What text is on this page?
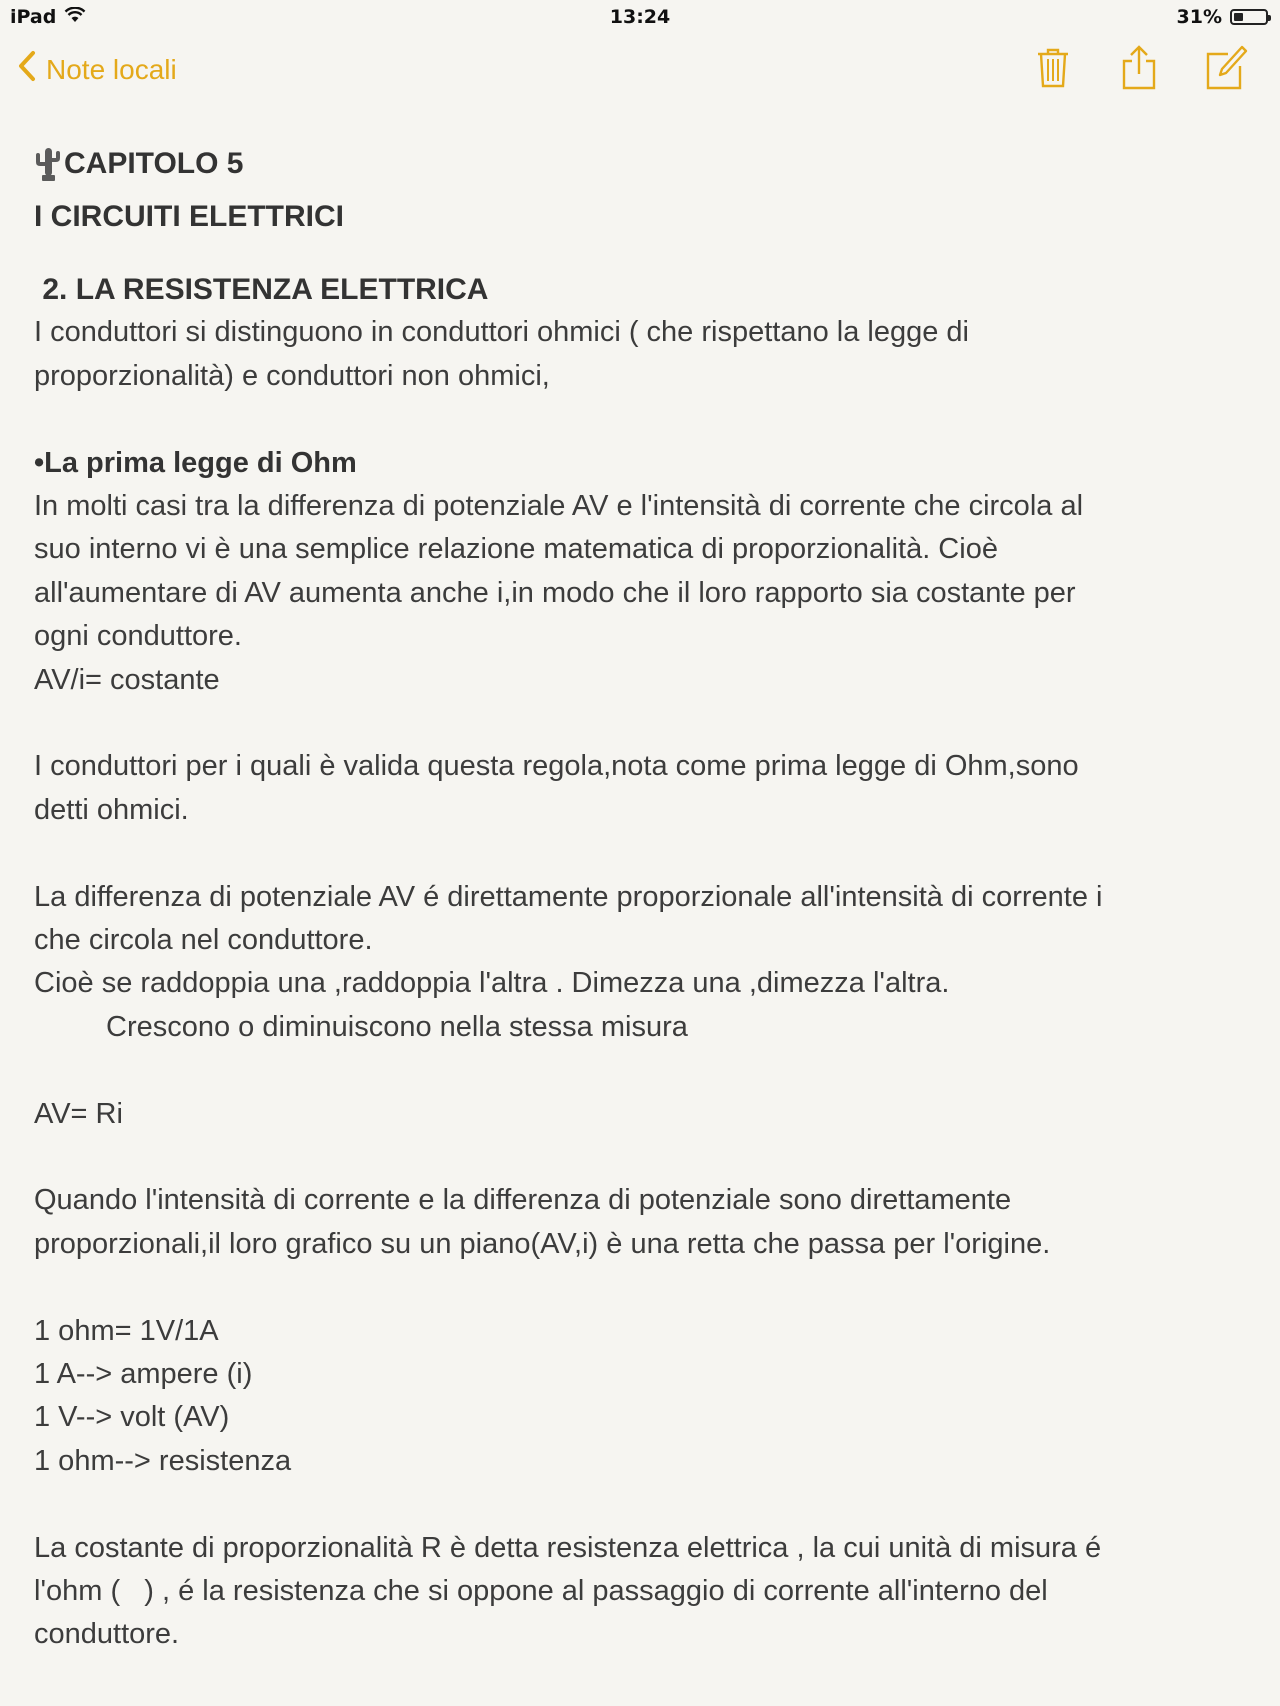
iPad	13:24	31%
Note locali
CAPITOLO 5
I CIRCUITI ELETTRICI
2. LA RESISTENZA ELETTRICA
I conduttori si distinguono in conduttori ohmici ( che rispettano la legge di
proporzionalità) e conduttori non ohmici,
•La prima legge di Ohm
In molti casi tra la differenza di potenziale AV e l'intensità di corrente che circola al
suo interno vi è una semplice relazione matematica di proporzionalità. Cioè
all'aumentare di AV aumenta anche i,in modo che il loro rapporto sia costante per
ogni conduttore.
AV/i= costante
I conduttori per i quali è valida questa regola,nota come prima legge di Ohm,sono
detti ohmici.
La differenza di potenziale AV é direttamente proporzionale all'intensità di corrente i
che circola nel conduttore.
Cioè se raddoppia una ,raddoppia l'altra . Dimezza una ,dimezza l'altra.
Crescono o diminuiscono nella stessa misura
AV= Ri
Quando l'intensità di corrente e la differenza di potenziale sono direttamente
proporzionali,il loro grafico su un piano(AV,i) è una retta che passa per l'origine.
1 ohm= 1V/1A
1 A--> ampere (i)
1 V--> volt (AV)
1 ohm--> resistenza
La costante di proporzionalità R è detta resistenza elettrica , la cui unità di misura é
l'ohm (   ) , é la resistenza che si oppone al passaggio di corrente all'interno del
conduttore.
